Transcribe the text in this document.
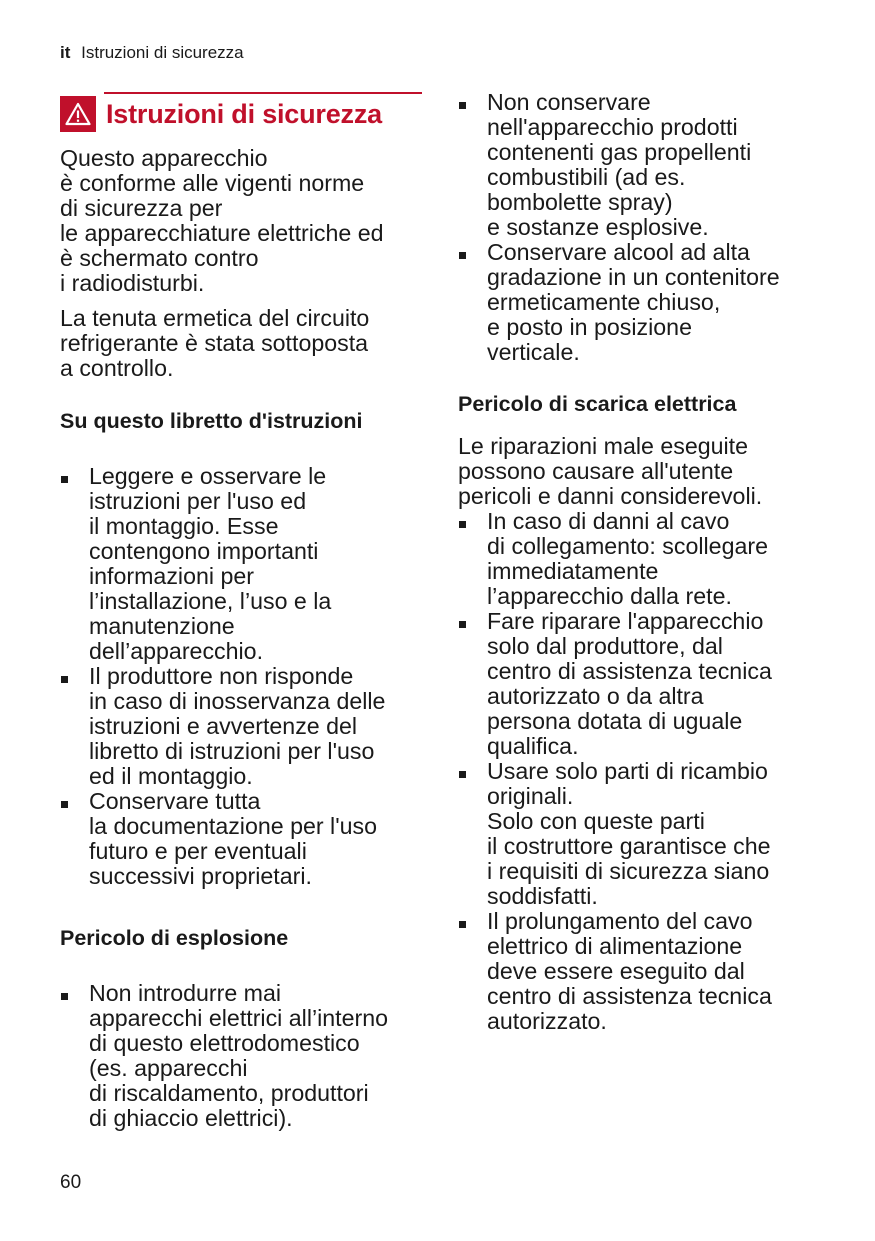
it Istruzioni di sicurezza
Istruzioni di sicurezza

Questo apparecchio
è conforme alle vigenti norme
di sicurezza per
le apparecchiature elettriche ed
è schermato contro
i radiodisturbi.

La tenuta ermetica del circuito
refrigerante è stata sottoposta
a controllo.

Su questo libretto d'istruzioni
Leggere e osservare le
istruzioni per l'uso ed
il montaggio. Esse
contengono importanti
informazioni per
l’installazione, l’uso e la
manutenzione
dell’apparecchio.
Il produttore non risponde
in caso di inosservanza delle
istruzioni e avvertenze del
libretto di istruzioni per l'uso
ed il montaggio.
Conservare tutta
la documentazione per l'uso
futuro e per eventuali
successivi proprietari.
Pericolo di esplosione
Non introdurre mai
apparecchi elettrici all’interno
di questo elettrodomestico
(es. apparecchi
di riscaldamento, produttori
di ghiaccio elettrici).
Non conservare
nell'apparecchio prodotti
contenenti gas propellenti
combustibili (ad es.
bombolette spray)
e sostanze esplosive.
Conservare alcool ad alta
gradazione in un contenitore
ermeticamente chiuso,
e posto in posizione
verticale.
Pericolo di scarica elettrica

Le riparazioni male eseguite
possono causare all'utente
pericoli e danni considerevoli.

In caso di danni al cavo
di collegamento: scollegare
immediatamente
l’apparecchio dalla rete.
Fare riparare l'apparecchio
solo dal produttore, dal
centro di assistenza tecnica
autorizzato o da altra
persona dotata di uguale
qualifica.
Usare solo parti di ricambio
originali.
Solo con queste parti
il costruttore garantisce che
i requisiti di sicurezza siano
soddisfatti.
Il prolungamento del cavo
elettrico di alimentazione
deve essere eseguito dal
centro di assistenza tecnica
autorizzato.
60
